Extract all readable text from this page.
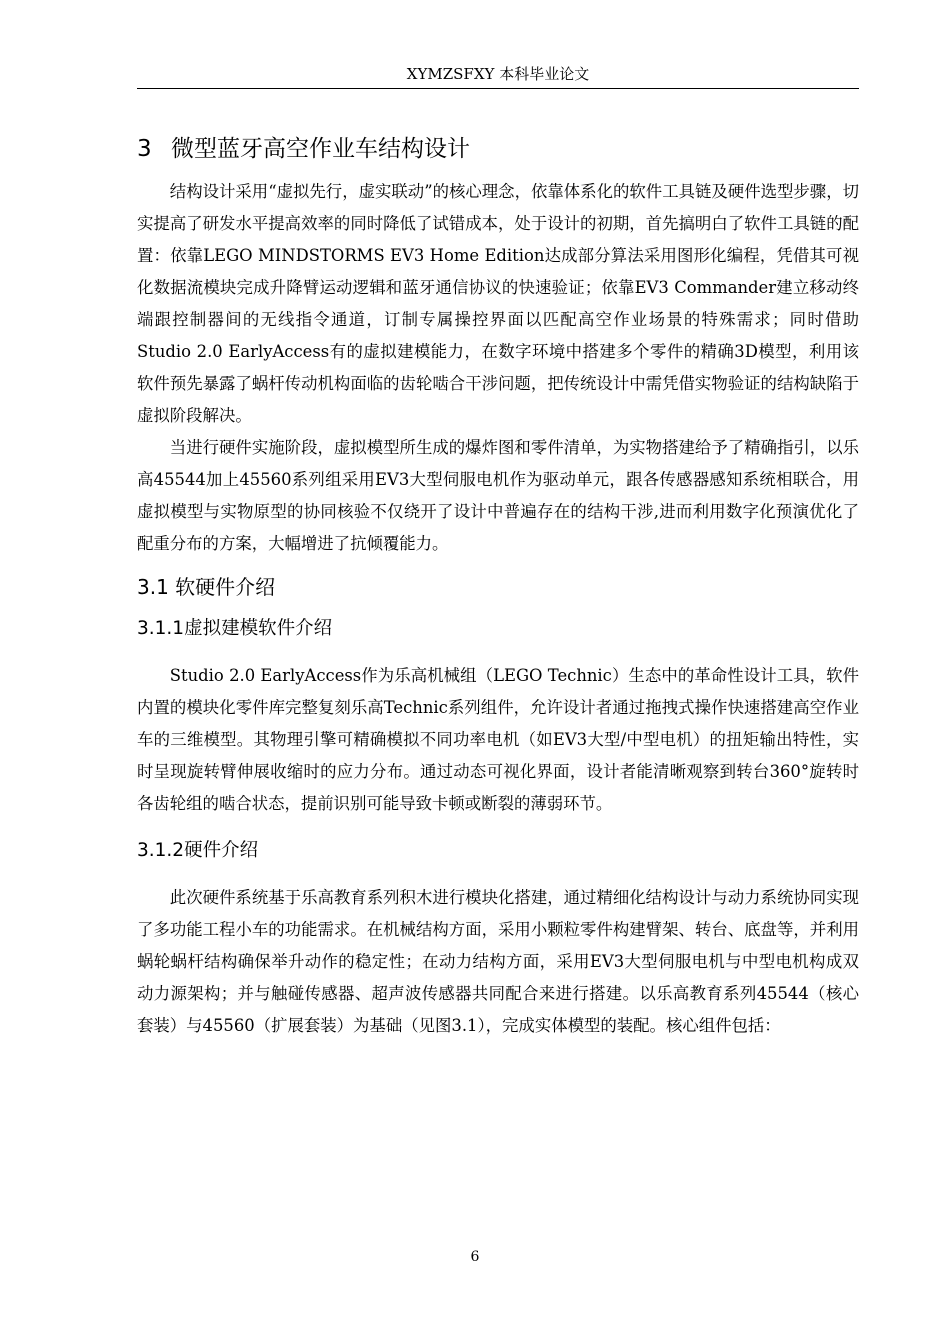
XYMZSFXY 本科毕业论文
3 微型蓝牙高空作业车结构设计

结构设计采用“虚拟先行，虚实联动”的核心理念，依靠体系化的软件工具链及硬件选型步骤，切实提高了研发水平提高效率的同时降低了试错成本，处于设计的初期，首先搞明白了软件工具链的配置：依靠LEGO MINDSTORMS EV3 Home Edition达成部分算法采用图形化编程，凭借其可视化数据流模块完成升降臂运动逻辑和蓝牙通信协议的快速验证；依靠EV3 Commander建立移动终端跟控制器间的无线指令通道，订制专属操控界面以匹配高空作业场景的特殊需求；同时借助Studio 2.0 EarlyAccess有的虚拟建模能力，在数字环境中搭建多个零件的精确3D模型，利用该软件预先暴露了蜗杆传动机构面临的齿轮啮合干涉问题，把传统设计中需凭借实物验证的结构缺陷于虚拟阶段解决。

当进行硬件实施阶段，虚拟模型所生成的爆炸图和零件清单，为实物搭建给予了精确指引，以乐高45544加上45560系列组采用EV3大型伺服电机作为驱动单元，跟各传感器感知系统相联合，用虚拟模型与实物原型的协同核验不仅绕开了设计中普遍存在的结构干涉,进而利用数字化预演优化了配重分布的方案，大幅增进了抗倾覆能力。

3.1 软硬件介绍
3.1.1虚拟建模软件介绍

Studio 2.0 EarlyAccess作为乐高机械组（LEGO Technic）生态中的革命性设计工具，软件内置的模块化零件库完整复刻乐高Technic系列组件，允许设计者通过拖拽式操作快速搭建高空作业车的三维模型。其物理引擎可精确模拟不同功率电机（如EV3大型/中型电机）的扭矩输出特性，实时呈现旋转臂伸展收缩时的应力分布。通过动态可视化界面，设计者能清晰观察到转台360°旋转时各齿轮组的啮合状态，提前识别可能导致卡顿或断裂的薄弱环节。

3.1.2硬件介绍

此次硬件系统基于乐高教育系列积木进行模块化搭建，通过精细化结构设计与动力系统协同实现了多功能工程小车的功能需求。在机械结构方面，采用小颗粒零件构建臂架、转台、底盘等，并利用蜗轮蜗杆结构确保举升动作的稳定性；在动力结构方面，采用EV3大型伺服电机与中型电机构成双动力源架构；并与触碰传感器、超声波传感器共同配合来进行搭建。以乐高教育系列45544（核心套装）与45560（扩展套装）为基础（见图3.1），完成实体模型的装配。核心组件包括：

6
